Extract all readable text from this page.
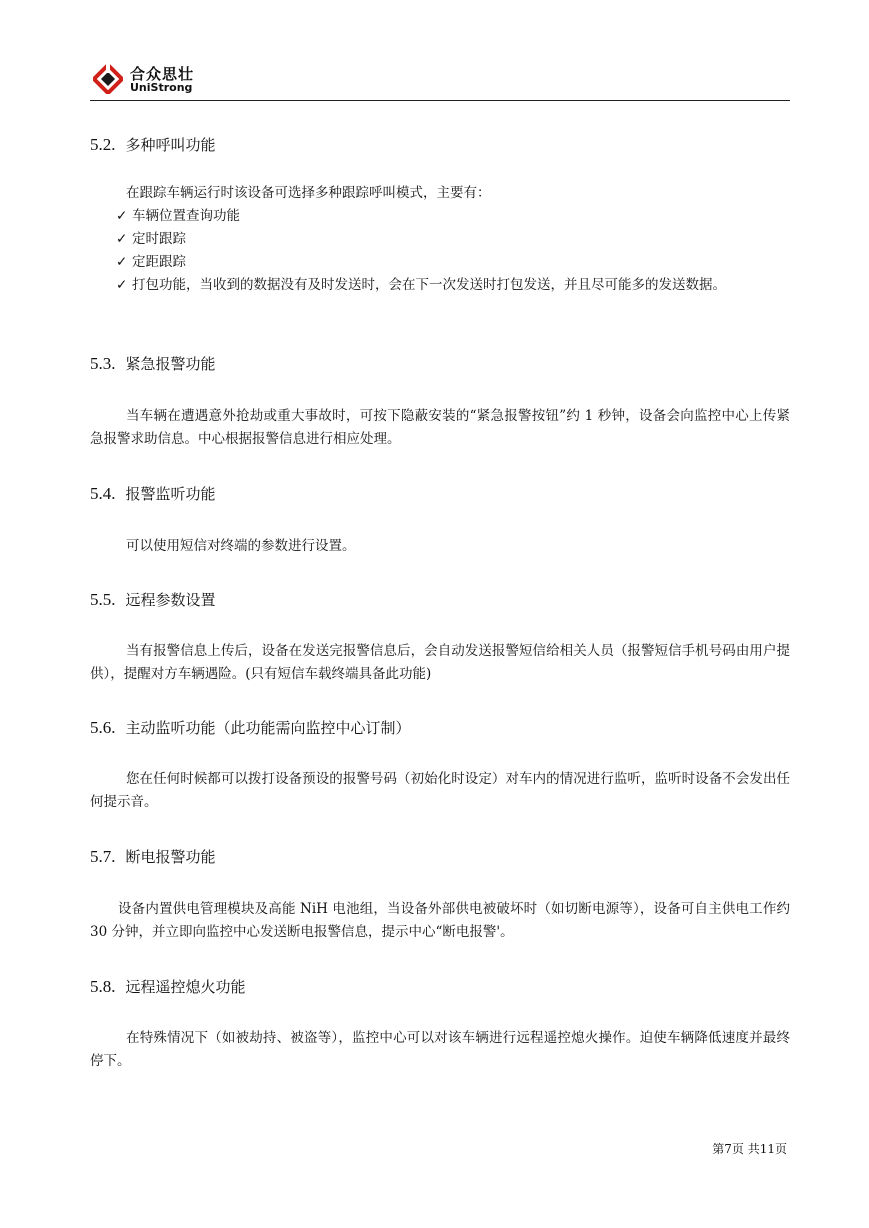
合众思壮
UniStrong
5.2. 多种呼叫功能

在跟踪车辆运行时该设备可选择多种跟踪呼叫模式，主要有：

✓ 车辆位置查询功能
✓ 定时跟踪
✓ 定距跟踪
✓ 打包功能，当收到的数据没有及时发送时，会在下一次发送时打包发送，并且尽可能多的发送数据。
5.3. 紧急报警功能

当车辆在遭遇意外抢劫或重大事故时，可按下隐蔽安装的“紧急报警按钮”约 1 秒钟，设备会向监控中心上传紧急报警求助信息。中心根据报警信息进行相应处理。

5.4. 报警监听功能

可以使用短信对终端的参数进行设置。

5.5. 远程参数设置

当有报警信息上传后，设备在发送完报警信息后，会自动发送报警短信给相关人员（报警短信手机号码由用户提供），提醒对方车辆遇险。(只有短信车载终端具备此功能)

5.6. 主动监听功能（此功能需向监控中心订制）

您在任何时候都可以拨打设备预设的报警号码（初始化时设定）对车内的情况进行监听，监听时设备不会发出任何提示音。

5.7. 断电报警功能

设备内置供电管理模块及高能 NiH 电池组，当设备外部供电被破坏时（如切断电源等），设备可自主供电工作约 30 分钟，并立即向监控中心发送断电报警信息，提示中心“断电报警'。

5.8. 远程遥控熄火功能

在特殊情况下（如被劫持、被盗等），监控中心可以对该车辆进行远程遥控熄火操作。迫使车辆降低速度并最终停下。

第7页 共11页
